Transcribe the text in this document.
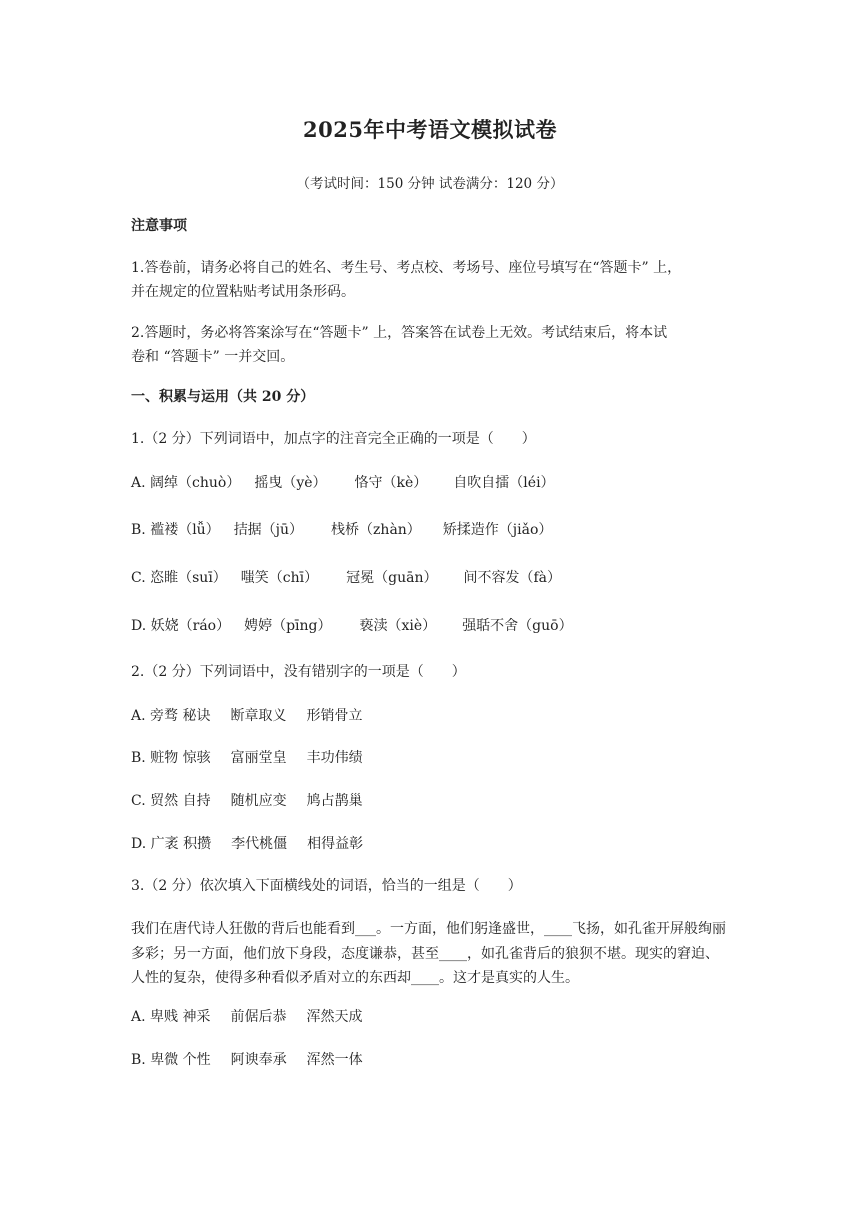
2025年中考语文模拟试卷
（考试时间：150 分钟 试卷满分：120 分）
注意事项
1.答卷前，请务必将自己的姓名、考生号、考点校、考场号、座位号填写在“答题卡” 上，
并在规定的位置粘贴考试用条形码。
2.答题时，务必将答案涂写在“答题卡” 上，答案答在试卷上无效。考试结束后，将本试
卷和 “答题卡” 一并交回。
一、积累与运用（共 20 分）
1.（2 分）下列词语中，加点字的注音完全正确的一项是（　　）
A. 阔绰（chuò） 摇曳（yè） 恪守（kè） 自吹自擂（léi）
B. 褴褛（lǚ） 拮据（jū） 栈桥（zhàn） 矫揉造作（jiǎo）
C. 恣睢（suī） 嗤笑（chī） 冠冕（guān） 间不容发（fà）
D. 妖娆（ráo） 娉婷（pīng） 亵渎（xiè） 强聒不舍（guō）
2.（2 分）下列词语中，没有错别字的一项是（　　）
A. 旁骛 秘诀 断章取义 形销骨立
B. 赃物 惊骇 富丽堂皇 丰功伟绩
C. 贸然 自持 随机应变 鸠占鹊巢
D. 广袤 积攒 李代桃僵 相得益彰
3.（2 分）依次填入下面横线处的词语，恰当的一组是（　　）
我们在唐代诗人狂傲的背后也能看到___。一方面，他们躬逢盛世，____飞扬，如孔雀开屏般绚丽多彩；另一方面，他们放下身段，态度谦恭，甚至____，如孔雀背后的狼狈不堪。现实的窘迫、人性的复杂，使得多种看似矛盾对立的东西却____。这才是真实的人生。
A. 卑贱 神采 前倨后恭 浑然天成
B. 卑微 个性 阿谀奉承 浑然一体
